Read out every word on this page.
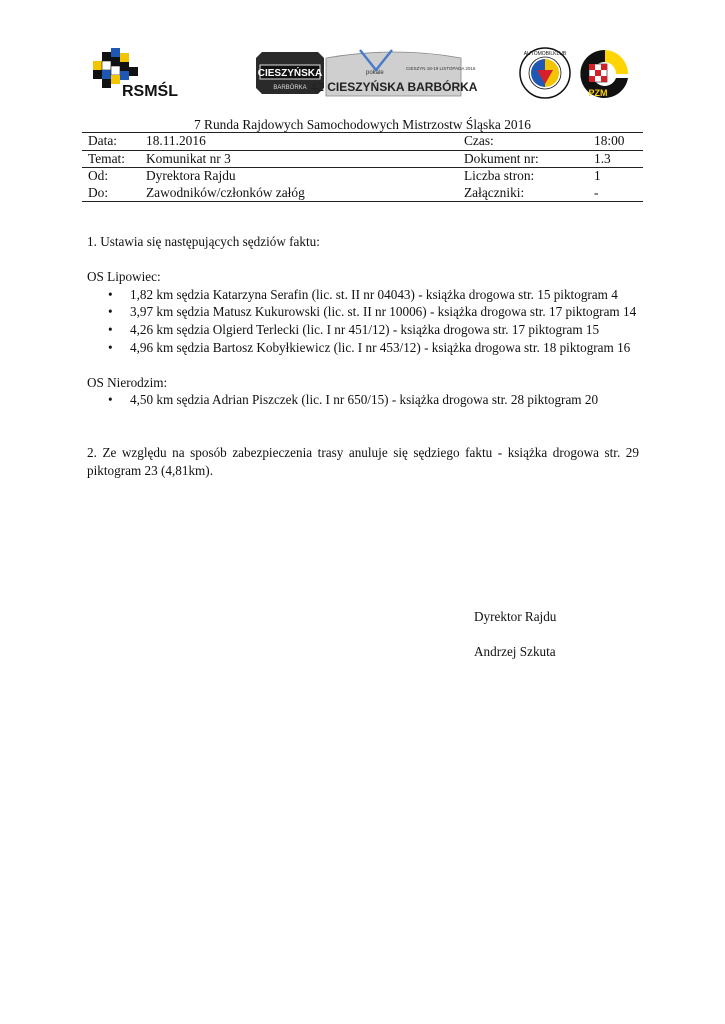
RSMŚL
CIESZYŃSKA
BARBÓRKA
pokale
CIESZYN 18-19 LISTOPADA 2016
42 CIESZYŃSKA BARBÓRKA
AUTOMOBILKLUB
PZM
7 Runda Rajdowych Samochodowych Mistrzostw Śląska 2016
Data:	18.11.2016	Czas:	18:00
Temat:	Komunikat nr 3	Dokument nr:	1.3
Od:	Dyrektora Rajdu	Liczba stron:	1
Do:	Zawodników/członków załóg	Załączniki:	-

1. Ustawia się następujących sędziów faktu:

OS Lipowiec:

• 1,82 km sędzia Katarzyna Serafin (lic. st. II nr 04043) - książka drogowa str. 15 piktogram 4
• 3,97 km sędzia Matusz Kukurowski (lic. st. II nr 10006) - książka drogowa str. 17 piktogram 14
• 4,26 km sędzia Olgierd Terlecki (lic. I nr 451/12) - książka drogowa str. 17 piktogram 15
• 4,96 km sędzia Bartosz Kobyłkiewicz (lic. I nr 453/12) - książka drogowa str. 18 piktogram 16

OS Nierodzim:

• 4,50 km sędzia Adrian Piszczek (lic. I nr 650/15) - książka drogowa str. 28 piktogram 20

2. Ze względu na sposób zabezpieczenia trasy anuluje się sędziego faktu - książka drogowa str. 29 piktogram 23 (4,81km).

Dyrektor Rajdu
Andrzej Szkuta
